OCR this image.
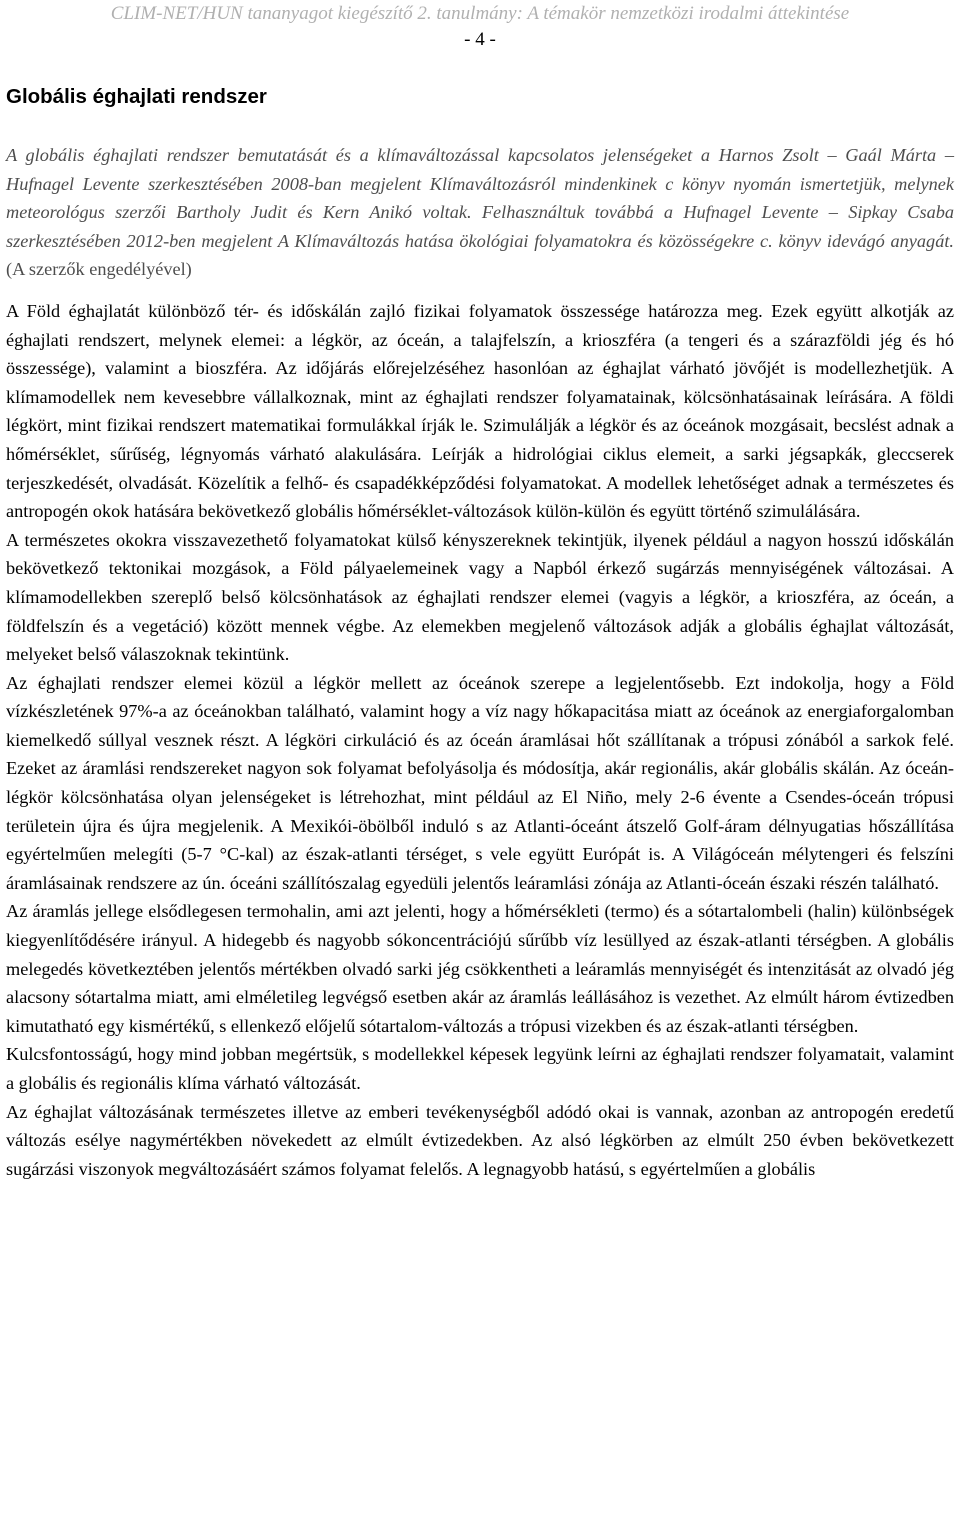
CLIM-NET/HUN tananyagot kiegészítő 2. tanulmány: A témakör nemzetközi irodalmi áttekintése
- 4 -
Globális éghajlati rendszer

A globális éghajlati rendszer bemutatását és a klímaváltozással kapcsolatos jelenségeket a Harnos Zsolt – Gaál Márta – Hufnagel Levente szerkesztésében 2008-ban megjelent Klímaváltozásról mindenkinek c könyv nyomán ismertetjük, melynek meteorológus szerzői Bartholy Judit és Kern Anikó voltak. Felhasználtuk továbbá a Hufnagel Levente – Sipkay Csaba szerkesztésében 2012-ben megjelent A Klímaváltozás hatása ökológiai folyamatokra és közösségekre c. könyv idevágó anyagát. (A szerzők engedélyével)

A Föld éghajlatát különböző tér- és időskálán zajló fizikai folyamatok összessége határozza meg. Ezek együtt alkotják az éghajlati rendszert, melynek elemei: a légkör, az óceán, a talajfelszín, a krioszféra (a tengeri és a szárazföldi jég és hó összessége), valamint a bioszféra. Az időjárás előrejelzéséhez hasonlóan az éghajlat várható jövőjét is modellezhetjük. A klímamodellek nem kevesebbre vállalkoznak, mint az éghajlati rendszer folyamatainak, kölcsönhatásainak leírására. A földi légkört, mint fizikai rendszert matematikai formulákkal írják le. Szimulálják a légkör és az óceánok mozgásait, becslést adnak a hőmérséklet, sűrűség, légnyomás várható alakulására. Leírják a hidrológiai ciklus elemeit, a sarki jégsapkák, gleccserek terjeszkedését, olvadását. Közelítik a felhő- és csapadékképződési folyamatokat. A modellek lehetőséget adnak a természetes és antropogén okok hatására bekövetkező globális hőmérséklet-változások külön-külön és együtt történő szimulálására.

A természetes okokra visszavezethető folyamatokat külső kényszereknek tekintjük, ilyenek például a nagyon hosszú időskálán bekövetkező tektonikai mozgások, a Föld pályaelemeinek vagy a Napból érkező sugárzás mennyiségének változásai. A klímamodellekben szereplő belső kölcsönhatások az éghajlati rendszer elemei (vagyis a légkör, a krioszféra, az óceán, a földfelszín és a vegetáció) között mennek végbe. Az elemekben megjelenő változások adják a globális éghajlat változását, melyeket belső válaszoknak tekintünk.

Az éghajlati rendszer elemei közül a légkör mellett az óceánok szerepe a legjelentősebb. Ezt indokolja, hogy a Föld vízkészletének 97%-a az óceánokban található, valamint hogy a víz nagy hőkapacitása miatt az óceánok az energiaforgalomban kiemelkedő súllyal vesznek részt. A légköri cirkuláció és az óceán áramlásai hőt szállítanak a trópusi zónából a sarkok felé. Ezeket az áramlási rendszereket nagyon sok folyamat befolyásolja és módosítja, akár regionális, akár globális skálán. Az óceán-légkör kölcsönhatása olyan jelenségeket is létrehozhat, mint például az El Niño, mely 2-6 évente a Csendes-óceán trópusi területein újra és újra megjelenik. A Mexikói-öbölből induló s az Atlanti-óceánt átszelő Golf-áram délnyugatias hőszállítása egyértelműen melegíti (5-7 °C-kal) az észak-atlanti térséget, s vele együtt Európát is. A Világóceán mélytengeri és felszíni áramlásainak rendszere az ún. óceáni szállítószalag egyedüli jelentős leáramlási zónája az Atlanti-óceán északi részén található.

Az áramlás jellege elsődlegesen termohalin, ami azt jelenti, hogy a hőmérsékleti (termo) és a sótartalombeli (halin) különbségek kiegyenlítődésére irányul. A hidegebb és nagyobb sókoncentrációjú sűrűbb víz lesüllyed az észak-atlanti térségben. A globális melegedés következtében jelentős mértékben olvadó sarki jég csökkentheti a leáramlás mennyiségét és intenzitását az olvadó jég alacsony sótartalma miatt, ami elméletileg legvégső esetben akár az áramlás leállásához is vezethet. Az elmúlt három évtizedben kimutatható egy kismértékű, s ellenkező előjelű sótartalom-változás a trópusi vizekben és az észak-atlanti térségben.

Kulcsfontosságú, hogy mind jobban megértsük, s modellekkel képesek legyünk leírni az éghajlati rendszer folyamatait, valamint a globális és regionális klíma várható változását.

Az éghajlat változásának természetes illetve az emberi tevékenységből adódó okai is vannak, azonban az antropogén eredetű változás esélye nagymértékben növekedett az elmúlt évtizedekben. Az alsó légkörben az elmúlt 250 évben bekövetkezett sugárzási viszonyok megváltozásáért számos folyamat felelős. A legnagyobb hatású, s egyértelműen a globális
